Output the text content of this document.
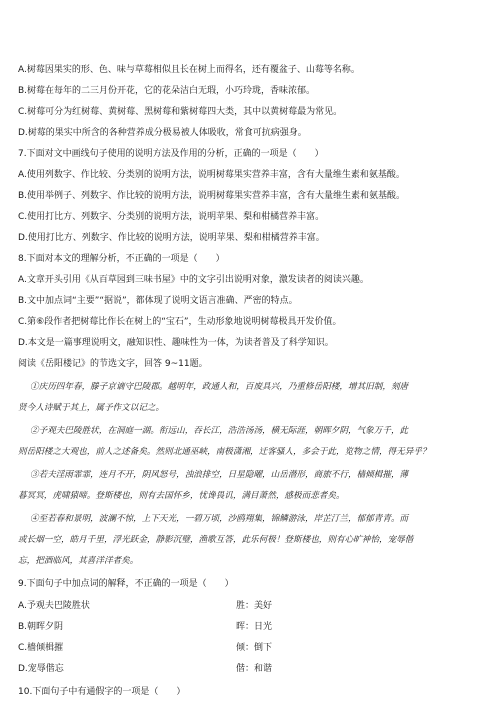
A.树莓因果实的形、色、味与草莓相似且长在树上而得名，还有覆盆子、山莓等名称。
B.树莓在每年的二三月份开花，它的花朵洁白无瑕，小巧玲珑，香味浓郁。
C.树莓可分为红树莓、黄树莓、黑树莓和紫树莓四大类，其中以黄树莓最为常见。
D.树莓的果实中所含的各种营养成分极易被人体吸收，常食可抗病强身。
7.下面对文中画线句子使用的说明方法及作用的分析，正确的一项是（　　）
A.使用列数字、作比较、分类别的说明方法，说明树莓果实营养丰富，含有大量维生素和氨基酸。
B.使用举例子、列数字、作比较的说明方法，说明树莓果实营养丰富，含有大量维生素和氨基酸。
C.使用打比方、列数字、分类别的说明方法，说明苹果、梨和柑橘营养丰富。
D.使用打比方、列数字、作比较的说明方法，说明苹果、梨和柑橘营养丰富。
8.下面对本文的理解分析，不正确的一项是（　　）
A.文章开头引用《从百草园到三味书屋》中的文字引出说明对象，激发读者的阅读兴趣。
B.文中加点词“主要”“据说”，都体现了说明文语言准确、严密的特点。
C.第⑥段作者把树莓比作长在树上的“宝石”，生动形象地说明树莓极具开发价值。
D.本文是一篇事理说明文，融知识性、趣味性为一体，为读者普及了科学知识。
阅读《岳阳楼记》的节选文字，回答 9~11题。
①庆历四年春，滕子京谪守巴陵郡。越明年，政通人和，百废具兴，乃重修岳阳楼，增其旧制，刻唐
贤今人诗赋于其上，属予作文以记之。
②予观夫巴陵胜状，在洞庭一湖。衔远山，吞长江，浩浩汤汤，横无际涯，朝晖夕阴，气象万千，此
则岳阳楼之大观也，前人之述备矣。然则北通巫峡，南极潇湘，迁客骚人，多会于此，览物之情，得无异乎？
③若夫淫雨霏霏，连月不开，阴风怒号，浊浪排空，日星隐曜，山岳潜形，商旅不行，樯倾楫摧，薄
暮冥冥，虎啸猿啼。登斯楼也，则有去国怀乡，忧谗畏讥，满目萧然，感极而悲者矣。
④至若春和景明，波澜不惊，上下天光，一碧万顷，沙鸥翔集，锦鳞游泳，岸芷汀兰，郁郁青青。而
或长烟一空，皓月千里，浮光跃金，静影沉璧，渔歌互答，此乐何极！登斯楼也，则有心旷神怡，宠辱偕
忘，把酒临风，其喜洋洋者矣。
9.下面句子中加点词的解释，不正确的一项是（　　）
A.予观夫巴陵胜状	胜：美好
B.朝晖夕阴	晖：日光
C.樯倾楫摧	倾：倒下
D.宠辱偕忘	偕：和谐
10.下面句子中有通假字的一项是（　　）
